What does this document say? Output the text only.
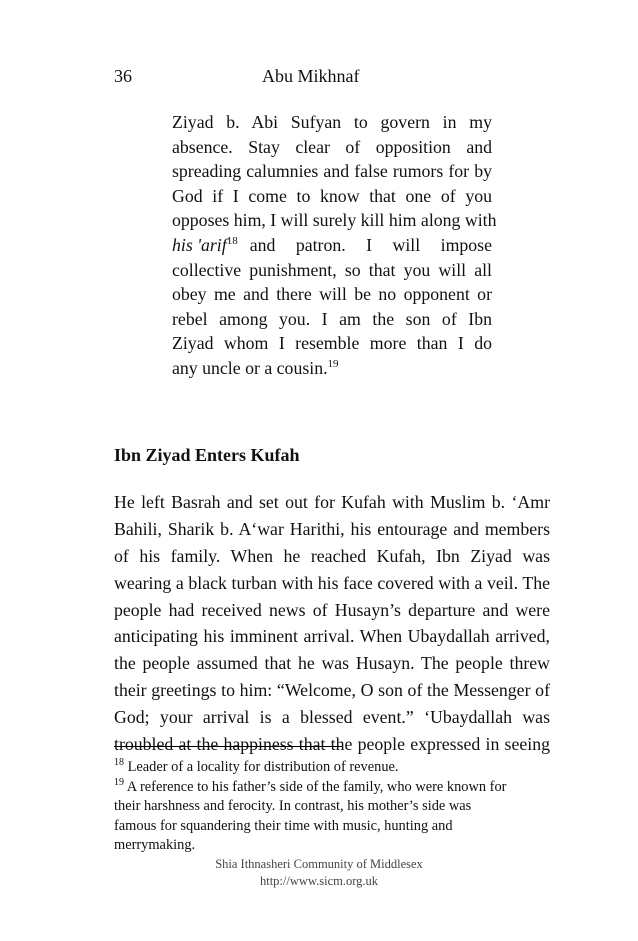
36	Abu Mikhnaf
Ziyad b. Abi Sufyan to govern in my
absence. Stay clear of opposition and
spreading calumnies and false rumors for by
God if I come to know that one of you
opposes him, I will surely kill him along with
his 'arif$^{18}$ and patron. I will impose
collective punishment, so that you will all
obey me and there will be no opponent or
rebel among you. I am the son of Ibn
Ziyad whom I resemble more than I do
any uncle or a cousin.$^{19}$
Ibn Ziyad Enters Kufah
He left Basrah and set out for Kufah with Muslim b. ‘Amr
Bahili, Sharik b. A‘war Harithi, his entourage and members
of his family. When he reached Kufah, Ibn Ziyad was
wearing a black turban with his face covered with a veil. The
people had received news of Husayn’s departure and were
anticipating his imminent arrival. When Ubaydallah arrived,
the people assumed that he was Husayn. The people threw
their greetings to him: “Welcome, O son of the Messenger of
God; your arrival is a blessed event.” ‘Ubaydallah was
troubled at the happiness that the people expressed in seeing
$^{18}$ Leader of a locality for distribution of revenue.
$^{19}$ A reference to his father’s side of the family, who were known for
their harshness and ferocity. In contrast, his mother’s side was
famous for squandering their time with music, hunting and
merrymaking.
Shia Ithnasheri Community of Middlesex
http://www.sicm.org.uk
